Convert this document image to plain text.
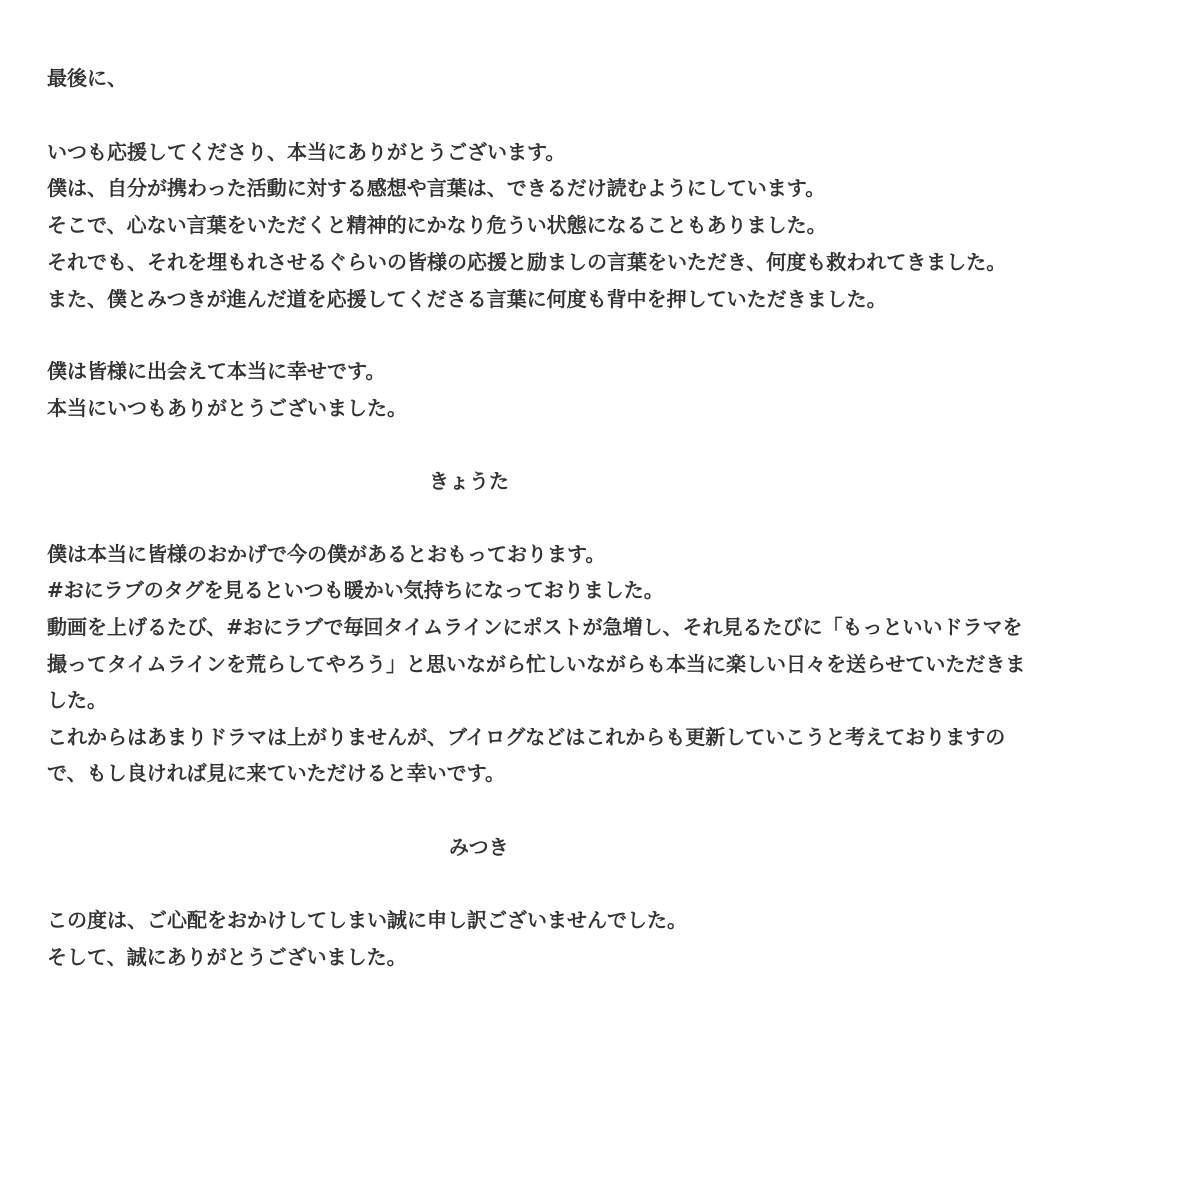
最後に、
いつも応援してくださり、本当にありがとうございます。
僕は、自分が携わった活動に対する感想や言葉は、できるだけ読むようにしています。
そこで、心ない言葉をいただくと精神的にかなり危うい状態になることもありました。
それでも、それを埋もれさせるぐらいの皆様の応援と励ましの言葉をいただき、何度も救われてきました。
また、僕とみつきが進んだ道を応援してくださる言葉に何度も背中を押していただきました。
僕は皆様に出会えて本当に幸せです。
本当にいつもありがとうございました。
きょうた
僕は本当に皆様のおかげで今の僕があるとおもっております。
#おにラブのタグを見るといつも暖かい気持ちになっておりました。
動画を上げるたび、#おにラブで毎回タイムラインにポストが急増し、それ見るたびに「もっといいドラマを
撮ってタイムラインを荒らしてやろう」と思いながら忙しいながらも本当に楽しい日々を送らせていただきま
した。
これからはあまりドラマは上がりませんが、ブイログなどはこれからも更新していこうと考えておりますの
で、もし良ければ見に来ていただけると幸いです。
みつき
この度は、ご心配をおかけしてしまい誠に申し訳ございませんでした。
そして、誠にありがとうございました。
